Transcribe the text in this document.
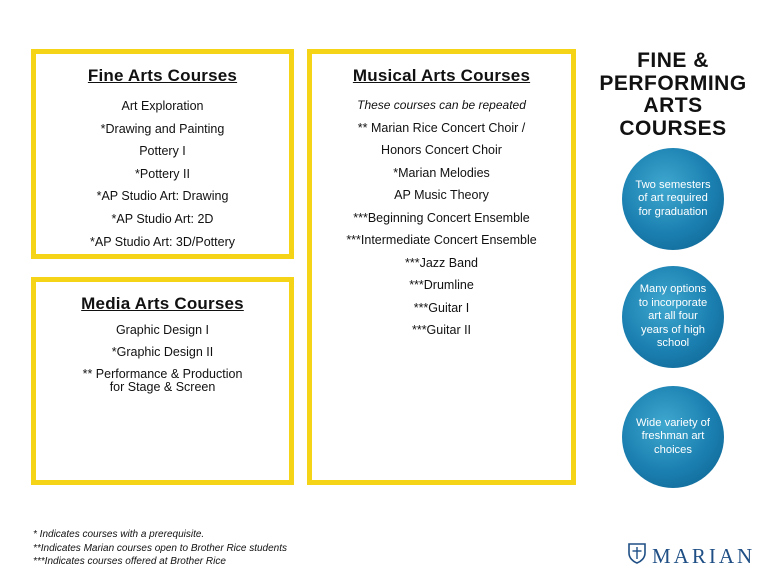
Fine Arts Courses
Art Exploration
*Drawing and Painting
Pottery I
*Pottery II
*AP Studio Art: Drawing
*AP Studio Art: 2D
*AP Studio Art: 3D/Pottery
Media Arts Courses
Graphic Design I
*Graphic Design II
** Performance & Production
for Stage & Screen
Musical Arts Courses
These courses can be repeated
** Marian Rice Concert Choir /
Honors Concert Choir
*Marian Melodies
AP Music Theory
***Beginning Concert Ensemble
***Intermediate Concert Ensemble
***Jazz Band
***Drumline
***Guitar I
***Guitar II
FINE &
PERFORMING
ARTS
COURSES
Two semesters of art required for graduation
Many options to incorporate art all four years of high school
Wide variety of freshman art choices
* Indicates courses with a prerequisite.
**Indicates Marian courses open to Brother Rice students
***Indicates courses offered at Brother Rice	MARIAN
